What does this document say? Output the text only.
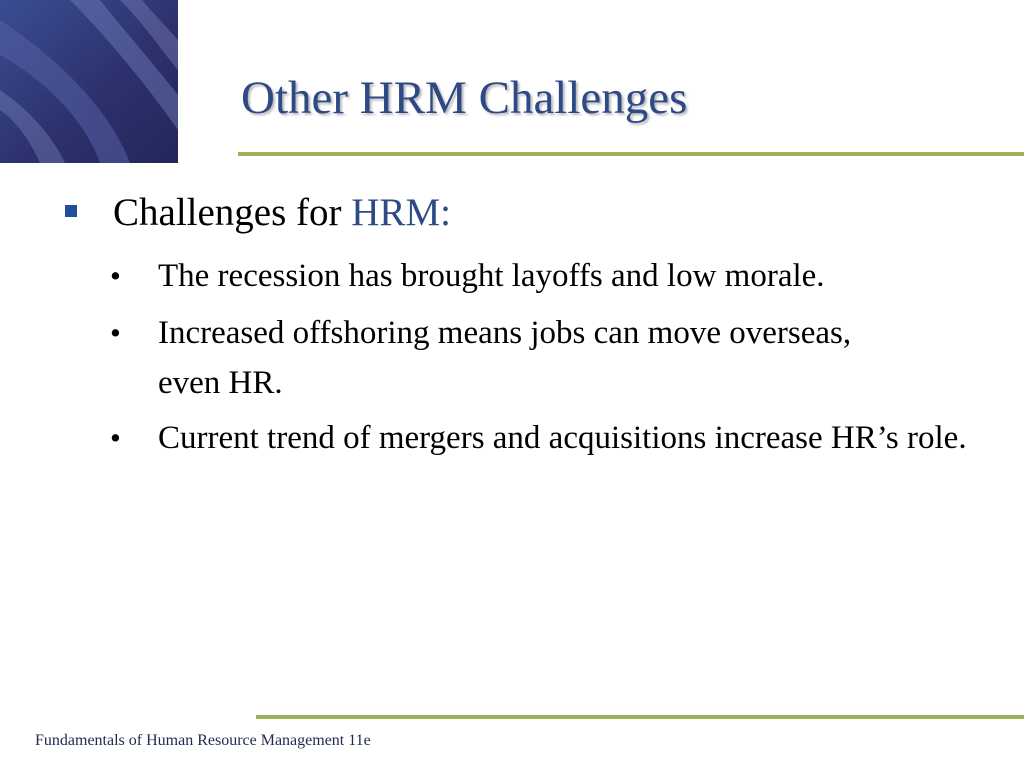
Other HRM Challenges
Challenges for HRM:
• The recession has brought layoffs and low morale.
• Increased offshoring means jobs can move overseas, even HR.
• Current trend of mergers and acquisitions increase HR’s role.
Fundamentals of Human Resource Management 11e
